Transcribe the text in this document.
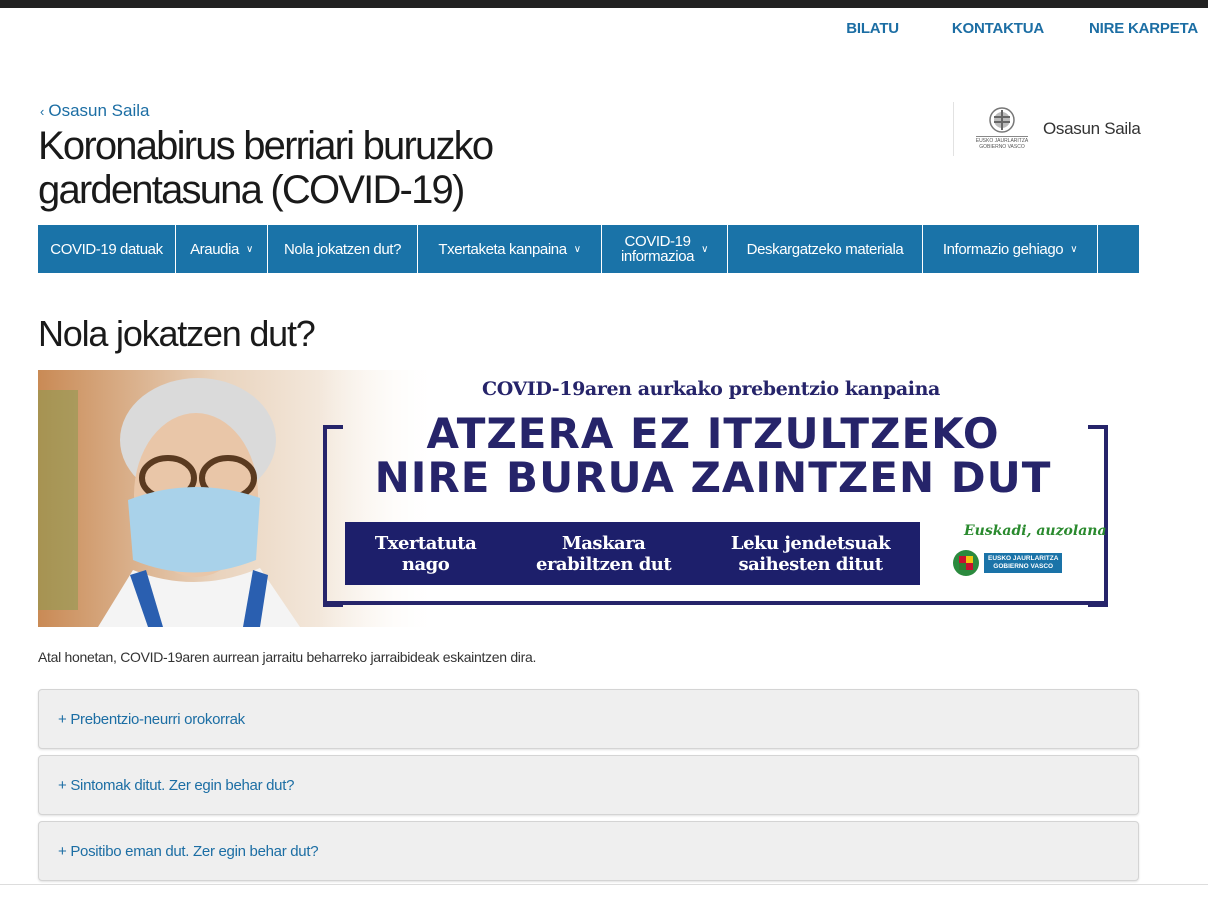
BILATU	KONTAKTUA	NIRE KARPETA
‹ Osasun Saila
Koronabirus berriari buruzko gardentasuna (COVID-19)
EUSKO JAURLARITZA
GOBIERNO VASCO
Osasun Saila
COVID-19 datuak Araudia ∨ Nola jokatzen dut? Txertaketa kanpaina ∨	COVID-19
informazioa ∨	Deskargatzeko materiala	Informazio gehiago ∨
Nola jokatzen dut?
COVID-19aren aurkako prebentzio kanpaina
ATZERA EZ ITZULTZEKO
NIRE BURUA ZAINTZEN DUT
Txertatuta
nago
Maskara
erabiltzen dut
Leku jendetsuak
saihesten ditut
Euskadi, auzolana
EUSKO JAURLARITZA
GOBIERNO VASCO

Atal honetan, COVID-19aren aurrean jarraitu beharreko jarraibideak eskaintzen dira.

+ Prebentzio-neurri orokorrak
+ Sintomak ditut. Zer egin behar dut?
+ Positibo eman dut. Zer egin behar dut?
